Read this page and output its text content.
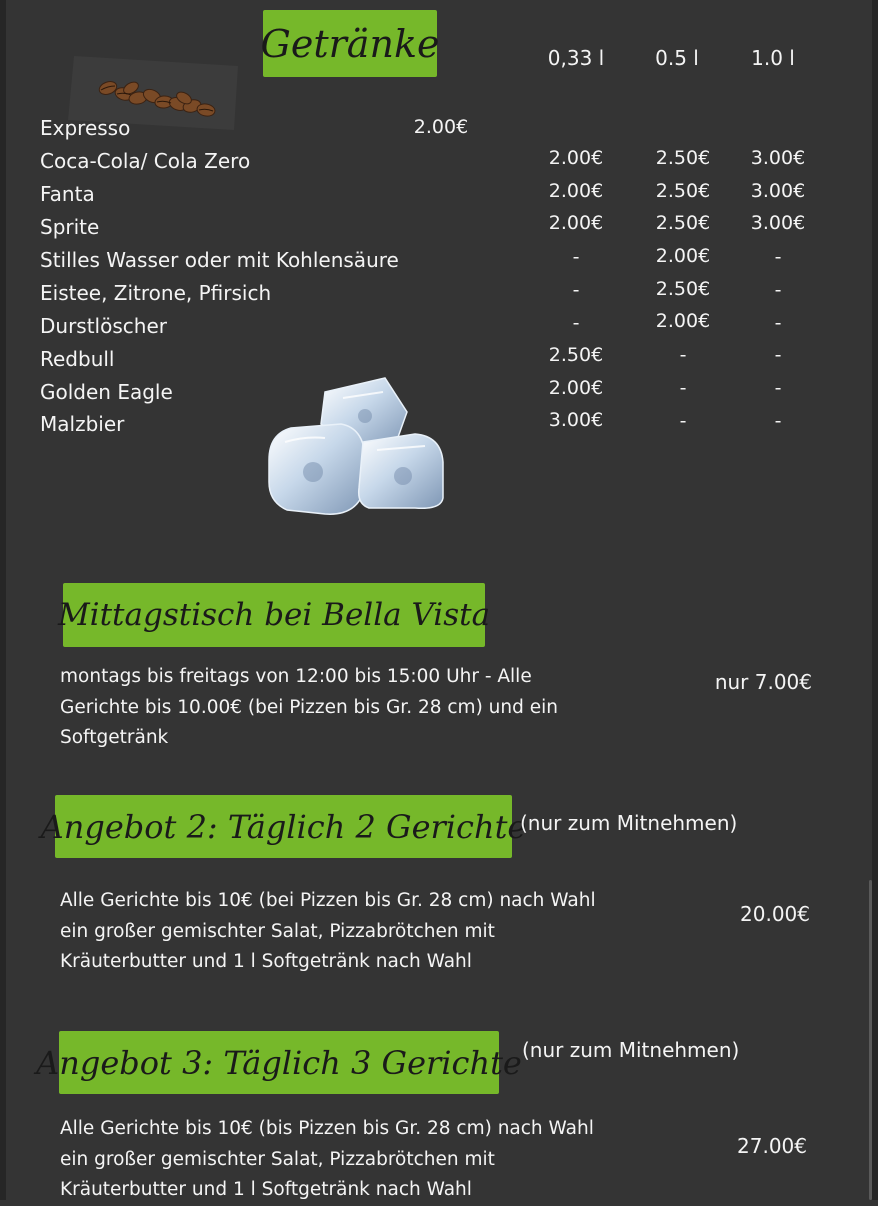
Getränke	0,33 l	0.5 l	1.0 l
Expresso	2.00€
Coca-Cola/ Cola Zero	2.00€	2.50€	3.00€
Fanta	2.00€	2.50€	3.00€
Sprite	2.00€	2.50€	3.00€
Stilles Wasser oder mit Kohlensäure	-	2.00€	-
Eistee, Zitrone, Pfirsich	-	2.50€	-
Durstlöscher	-	2.00€	-
Redbull	2.50€	-	-
Golden Eagle	2.00€	-	-
Malzbier	3.00€	-	-
Mittagstisch bei Bella Vista
montags bis freitags von 12:00 bis 15:00 Uhr - Alle
Gerichte bis 10.00€ (bei Pizzen bis Gr. 28 cm) und ein
Softgetränk
nur 7.00€
Angebot 2: Täglich 2 Gerichte
(nur zum Mitnehmen)
Alle Gerichte bis 10€ (bei Pizzen bis Gr. 28 cm) nach Wahl
ein großer gemischter Salat, Pizzabrötchen mit
Kräuterbutter und 1 l Softgetränk nach Wahl
20.00€
Angebot 3: Täglich 3 Gerichte (nur zum Mitnehmen)
Alle Gerichte bis 10€ (bis Pizzen bis Gr. 28 cm) nach Wahl
ein großer gemischter Salat, Pizzabrötchen mit
Kräuterbutter und 1 l Softgetränk nach Wahl
27.00€
